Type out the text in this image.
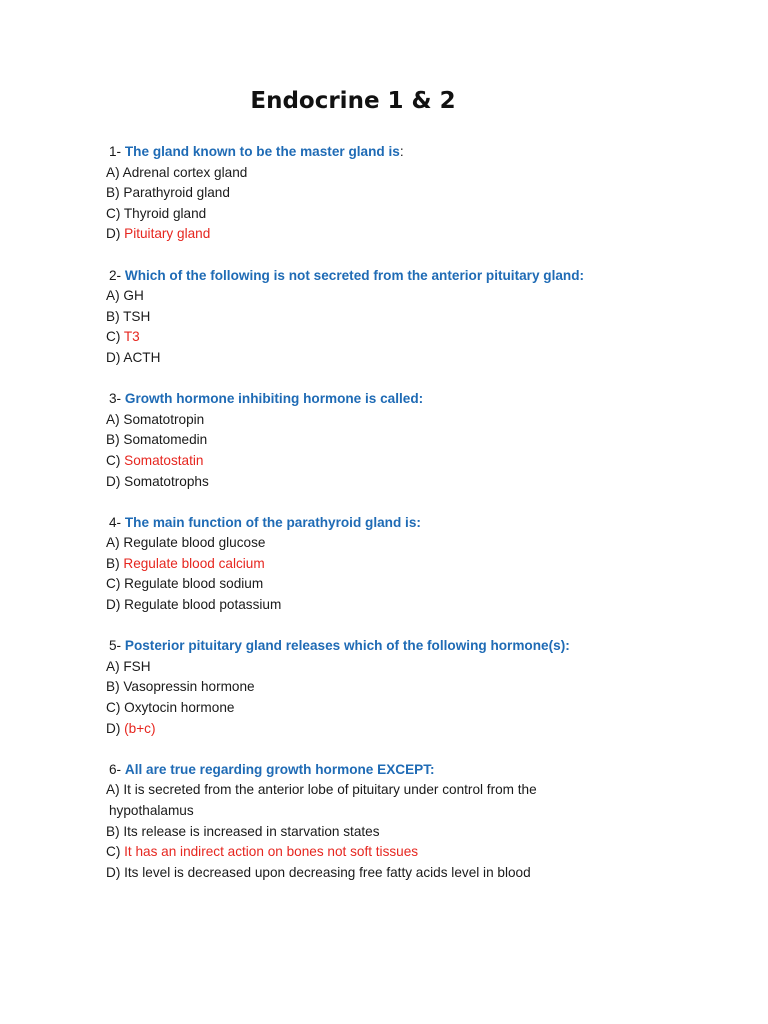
Endocrine 1 & 2
1- The gland known to be the master gland is:
A) Adrenal cortex gland
B) Parathyroid gland
C) Thyroid gland
D) Pituitary gland
2- Which of the following is not secreted from the anterior pituitary gland:
A) GH
B) TSH
C) T3
D) ACTH
3- Growth hormone inhibiting hormone is called:
A) Somatotropin
B) Somatomedin
C) Somatostatin
D) Somatotrophs
4- The main function of the parathyroid gland is:
A) Regulate blood glucose
B) Regulate blood calcium
C) Regulate blood sodium
D) Regulate blood potassium
5- Posterior pituitary gland releases which of the following hormone(s):
A) FSH
B) Vasopressin hormone
C) Oxytocin hormone
D) (b+c)
6- All are true regarding growth hormone EXCEPT:
A) It is secreted from the anterior lobe of pituitary under control from the
hypothalamus
B) Its release is increased in starvation states
C) It has an indirect action on bones not soft tissues
D) Its level is decreased upon decreasing free fatty acids level in blood
